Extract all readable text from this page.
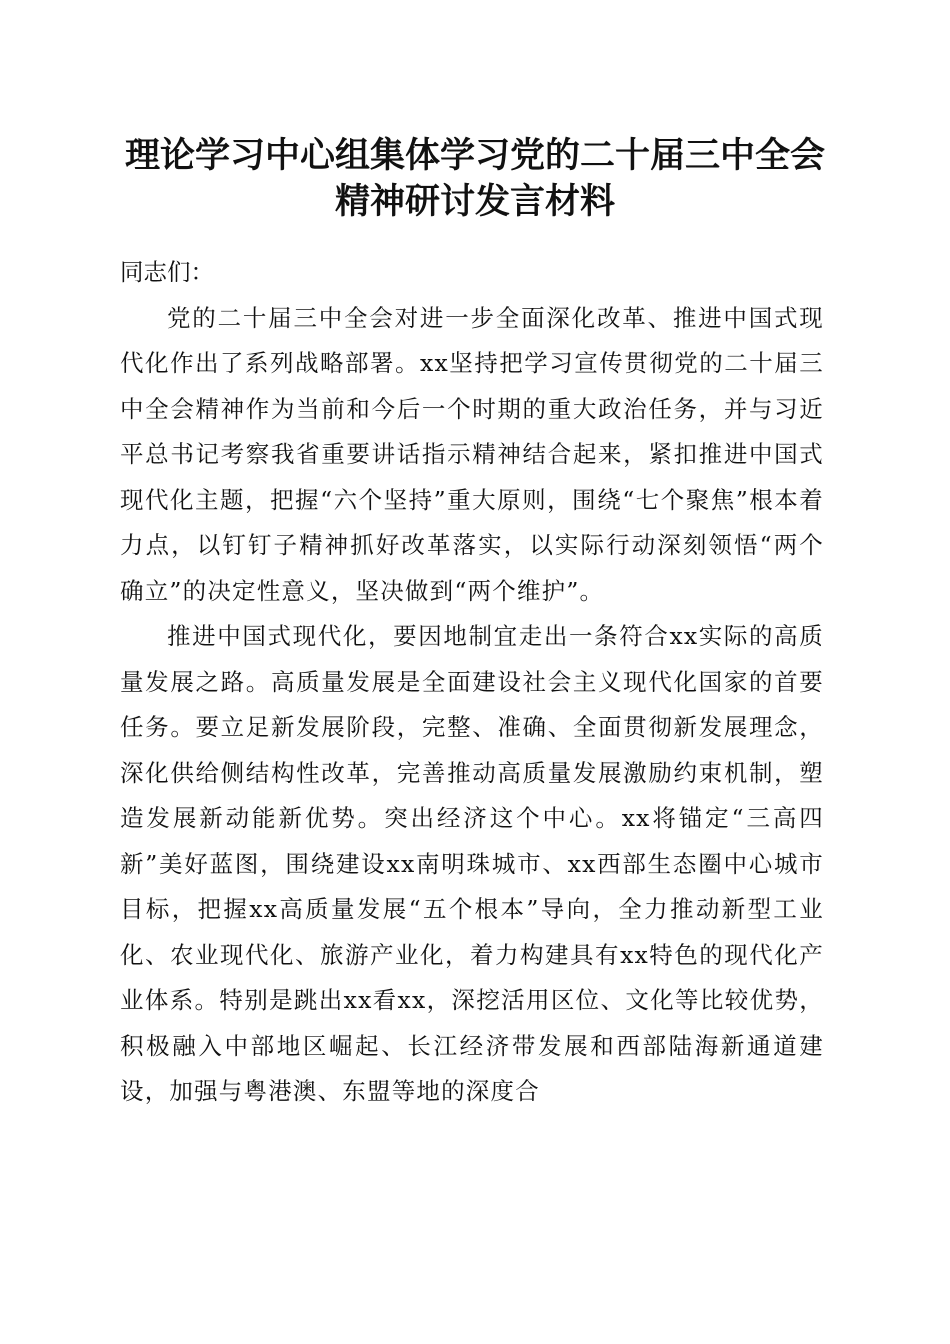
理论学习中心组集体学习党的二十届三中全会
精神研讨发言材料

同志们：

党的二十届三中全会对进一步全面深化改革、推进中国式现代化作出了系列战略部署。xx坚持把学习宣传贯彻党的二十届三中全会精神作为当前和今后一个时期的重大政治任务，并与习近平总书记考察我省重要讲话指示精神结合起来，紧扣推进中国式现代化主题，把握“六个坚持”重大原则，围绕“七个聚焦”根本着力点，以钉钉子精神抓好改革落实，以实际行动深刻领悟“两个确立”的决定性意义，坚决做到“两个维护”。

推进中国式现代化，要因地制宜走出一条符合xx实际的高质量发展之路。高质量发展是全面建设社会主义现代化国家的首要任务。要立足新发展阶段，完整、准确、全面贯彻新发展理念，深化供给侧结构性改革，完善推动高质量发展激励约束机制，塑造发展新动能新优势。突出经济这个中心。xx将锚定“三高四新”美好蓝图，围绕建设xx南明珠城市、xx西部生态圈中心城市目标，把握xx高质量发展“五个根本”导向，全力推动新型工业化、农业现代化、旅游产业化，着力构建具有xx特色的现代化产业体系。特别是跳出xx看xx，深挖活用区位、文化等比较优势，积极融入中部地区崛起、长江经济带发展和西部陆海新通道建设，加强与粤港澳、东盟等地的深度合
